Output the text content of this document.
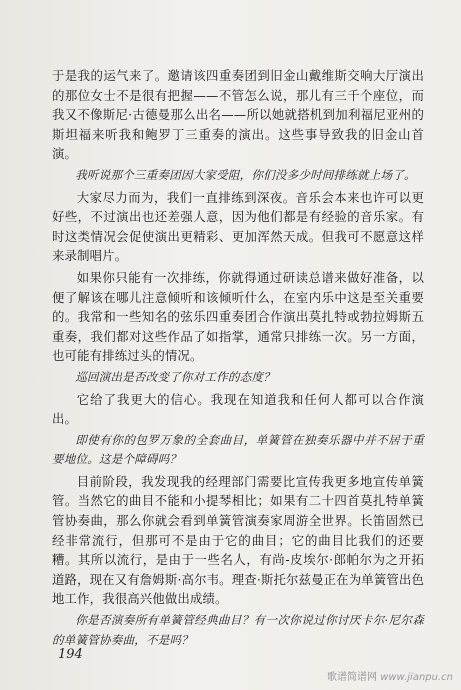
于是我的运气来了。邀请该四重奏团到旧金山戴维斯交响大厅演出的那位女士不是很有把握——不管怎么说，那儿有三千个座位，而我又不像斯尼·古德曼那么出名——所以她就搭机到加利福尼亚州的斯坦福来听我和鲍罗丁三重奏的演出。这些事导致我的旧金山首演。

我听说那个三重奏团因大家受阻，你们没多少时间排练就上场了。

大家尽力而为，我们一直排练到深夜。音乐会本来也许可以更好些，不过演出也还差强人意，因为他们都是有经验的音乐家。有时这类情况会促使演出更精彩、更加浑然天成。但我可不愿意这样来录制唱片。

如果你只能有一次排练，你就得通过研读总谱来做好准备，以便了解该在哪儿注意倾听和该倾听什么，在室内乐中这是至关重要的。我常和一些知名的弦乐四重奏团合作演出莫扎特或勃拉姆斯五重奏，我们都对这些作品了如指掌，通常只排练一次。另一方面，也可能有排练过头的情况。

巡回演出是否改变了你对工作的态度？

它给了我更大的信心。我现在知道我和任何人都可以合作演出。

即使有你的包罗万象的全套曲目，单簧管在独奏乐器中并不居于重要地位。这是个障碍吗？

目前阶段，我发现我的经理部门需要比宣传我更多地宣传单簧管。当然它的曲目不能和小提琴相比；如果有二十四首莫扎特单簧管协奏曲，那么你就会看到单簧管演奏家周游全世界。长笛固然已经非常流行，但那可不是由于它的曲目；它的曲目比我们的还要糟。其所以流行，是由于一些名人，有尚-皮埃尔·郎帕尔为之开拓道路，现在又有詹姆斯·高尔韦。理查·斯托尔兹曼正在为单簧管出色地工作，我很高兴他做出成绩。

你是否演奏所有单簧管经典曲目？有一次你说过你讨厌卡尔·尼尔森的单簧管协奏曲，不是吗？

194
歌谱简谱网 www.jianpu.cn
